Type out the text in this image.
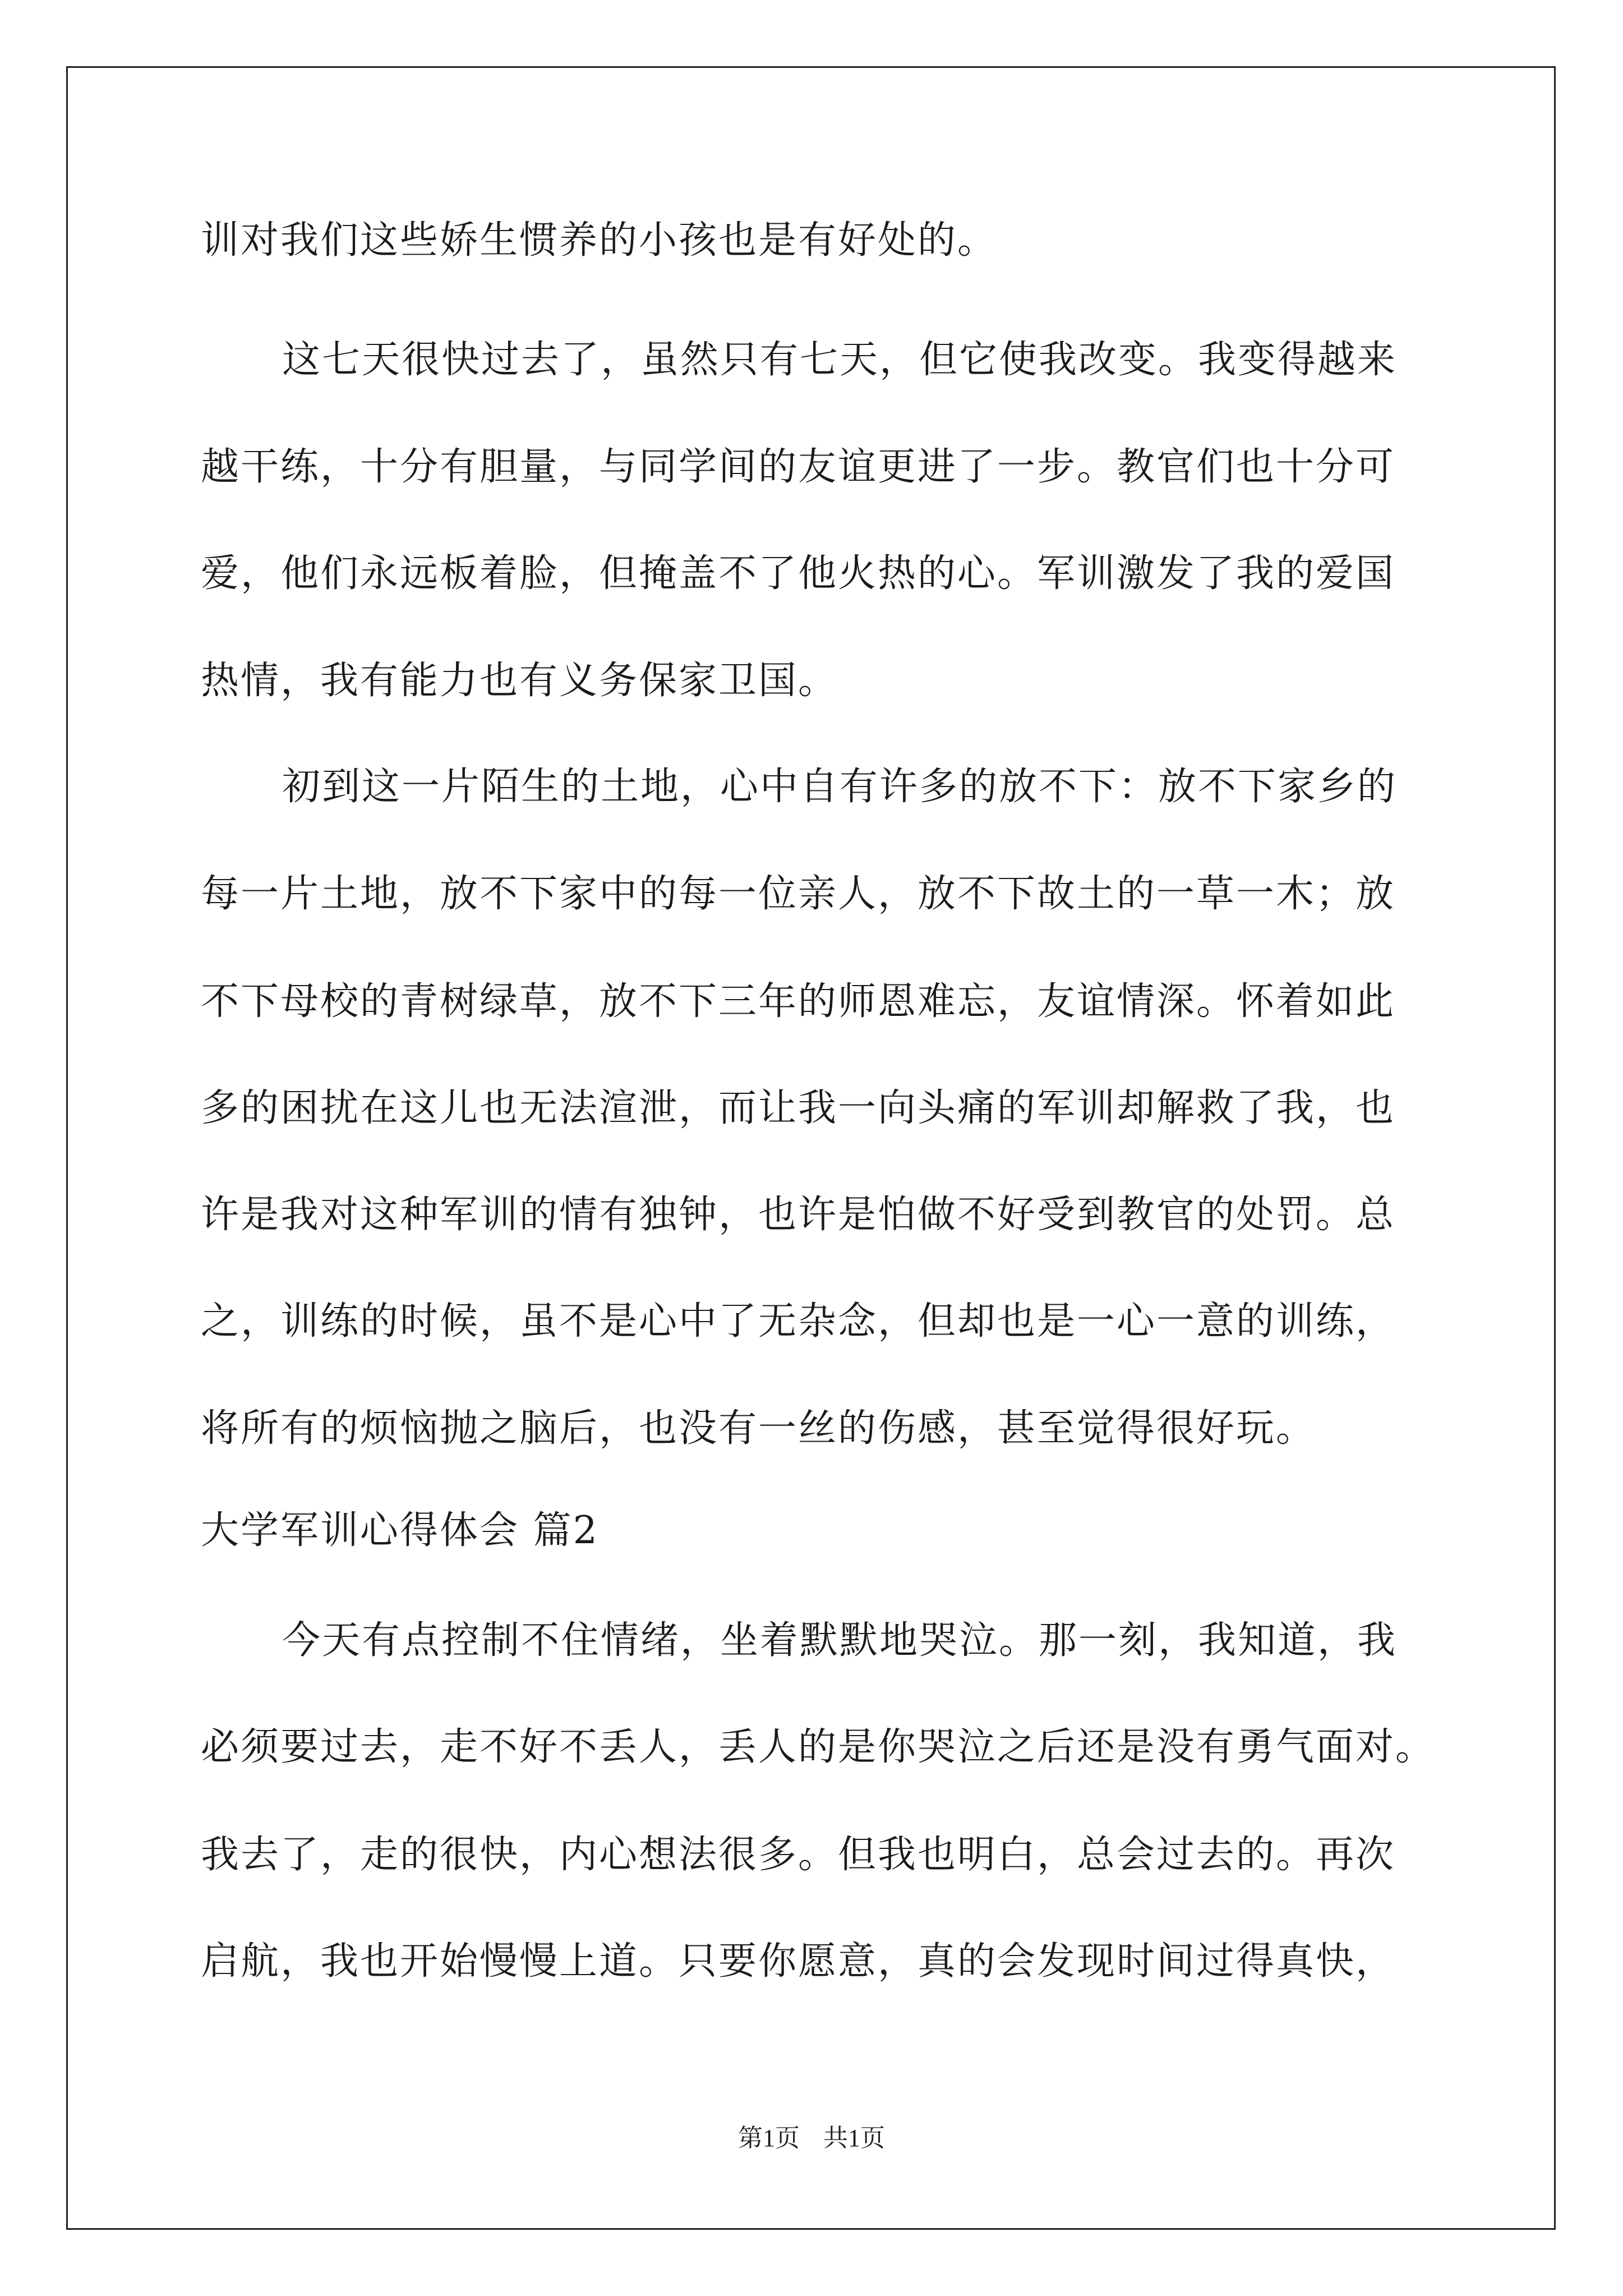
训对我们这些娇生惯养的小孩也是有好处的。
这七天很快过去了，虽然只有七天，但它使我改变。我变得越来
越干练，十分有胆量，与同学间的友谊更进了一步。教官们也十分可
爱，他们永远板着脸，但掩盖不了他火热的心。军训激发了我的爱国
热情，我有能力也有义务保家卫国。
初到这一片陌生的土地，心中自有许多的放不下：放不下家乡的
每一片土地，放不下家中的每一位亲人，放不下故土的一草一木；放
不下母校的青树绿草，放不下三年的师恩难忘，友谊情深。怀着如此
多的困扰在这儿也无法渲泄，而让我一向头痛的军训却解救了我，也
许是我对这种军训的情有独钟，也许是怕做不好受到教官的处罚。总
之，训练的时候，虽不是心中了无杂念，但却也是一心一意的训练，
将所有的烦恼抛之脑后，也没有一丝的伤感，甚至觉得很好玩。
大学军训心得体会 篇2
今天有点控制不住情绪，坐着默默地哭泣。那一刻，我知道，我
必须要过去，走不好不丢人，丢人的是你哭泣之后还是没有勇气面对。
我去了，走的很快，内心想法很多。但我也明白，总会过去的。再次
启航，我也开始慢慢上道。只要你愿意，真的会发现时间过得真快，
第1页 共1页
